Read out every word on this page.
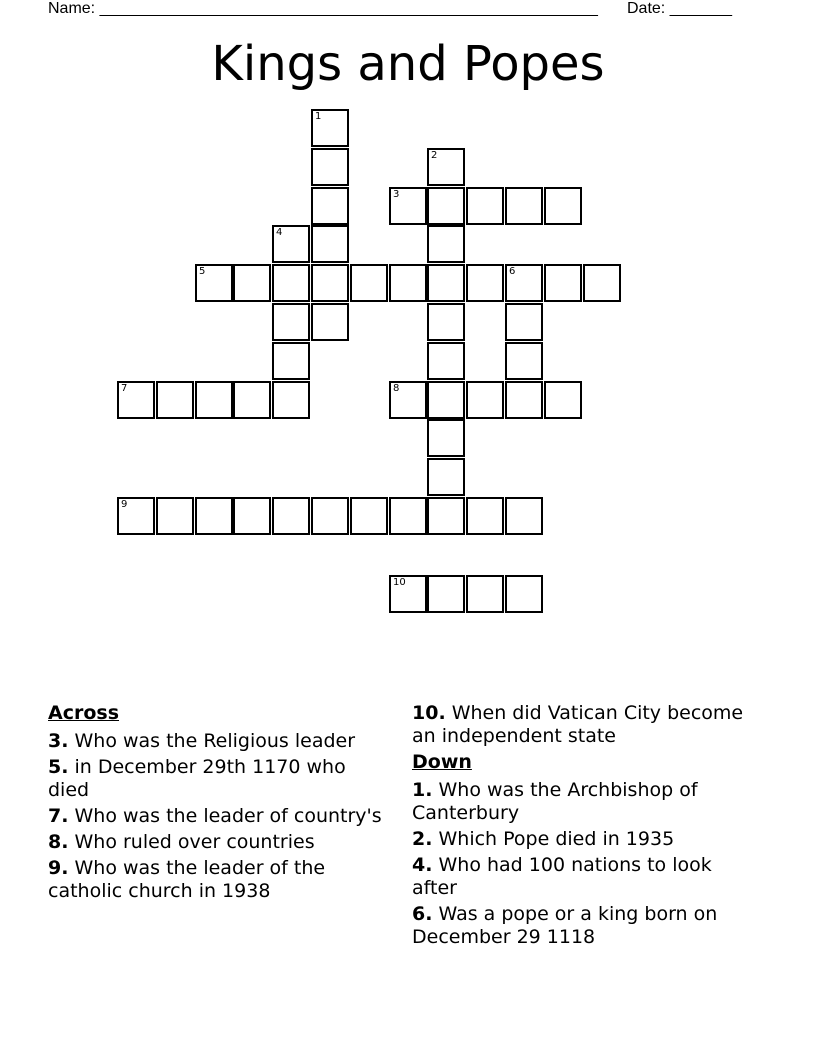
Name: ________________________________________________________ Date: _______
Kings and Popes
1
2
3
4
5	6
7	8
9
10
Across
3. Who was the Religious leader
5. in December 29th 1170 who died
7. Who was the leader of country's
8. Who ruled over countries
9. Who was the leader of the catholic church in 1938
10. When did Vatican City become an independent state
Down
1. Who was the Archbishop of Canterbury
2. Which Pope died in 1935
4. Who had 100 nations to look after
6. Was a pope or a king born on December 29 1118
